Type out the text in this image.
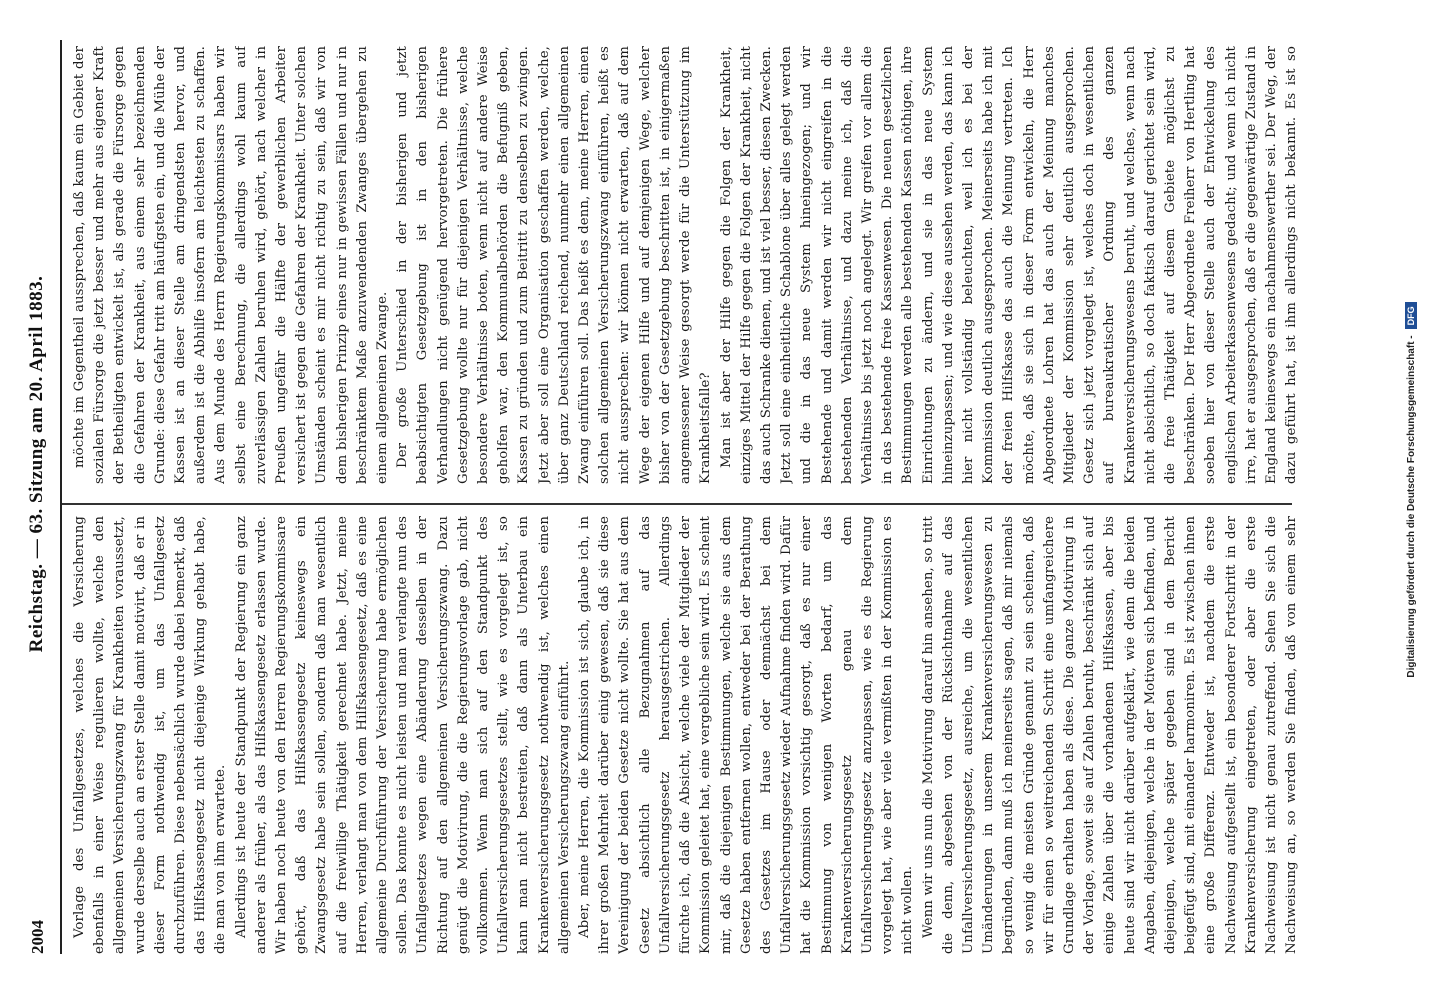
2004
Reichstag. — 63. Sitzung am 20. April 1883.

Vorlage des Unfallgesetzes, welches die Versicherung ebenfalls in einer Weise regulieren wollte, welche den allgemeinen Versicherungszwang für Krankheiten voraussetzt, wurde derselbe auch an erster Stelle damit motivirt, daß er in dieser Form nothwendig ist, um das Unfallgesetz durchzuführen. Diese nebensächlich wurde dabei bemerkt, daß das Hilfskassengesetz nicht diejenige Wirkung gehabt habe, die man von ihm erwartete. Allerdings ist heute der Standpunkt der Regierung ein ganz anderer als früher, als das Hilfskassengesetz erlassen wurde. Wir haben noch heute von den Herren Regierungskommissare gehört, daß das Hilfskassengesetz keineswegs ein Zwangsgesetz habe sein sollen, sondern daß man wesentlich auf die freiwillige Thätigkeit gerechnet habe. Jetzt, meine Herren, verlangt man von dem Hilfskassengesetz, daß es eine allgemeine Durchführung der Versicherung habe ermöglichen sollen. Das konnte es nicht leisten und man verlangte nun des Unfallgesetzes wegen eine Abänderung desselben in der Richtung auf den allgemeinen Versicherungszwang. Dazu genügt die Motivirung, die die Regierungsvorlage gab, nicht vollkommen. Wenn man sich auf den Standpunkt des Unfallversicherungsgesetzes stellt, wie es vorgelegt ist, so kann man nicht bestreiten, daß dann als Unterbau ein Krankenversicherungsgesetz nothwendig ist, welches einen allgemeinen Versicherungszwang einführt. Aber, meine Herren, die Kommission ist sich, glaube ich, in ihrer großen Mehrheit darüber einig gewesen, daß sie diese Vereinigung der beiden Gesetze nicht wollte. Sie hat aus dem Gesetz absichtlich alle Bezugnahmen auf das Unfallversicherungsgesetz herausgestrichen. Allerdings fürchte ich, daß die Absicht, welche viele der Mitglieder der Kommission geleitet hat, eine vergebliche sein wird. Es scheint mir, daß die diejenigen Bestimmungen, welche sie aus dem Gesetze haben entfernen wollen, entweder bei der Berathung des Gesetzes im Hause oder demnächst bei dem Unfallversicherungsgesetz wieder Aufnahme finden wird. Dafür hat die Kommission vorsichtig gesorgt, daß es nur einer Bestimmung von wenigen Worten bedarf, um das Krankenversicherungsgesetz genau dem Unfallversicherungsgesetz anzupassen, wie es die Regierung vorgelegt hat, wie aber viele vermißten in der Kommission es nicht wollen. Wenn wir uns nun die Motivirung darauf hin ansehen, so tritt die denn, abgesehen von der Rücksichtnahme auf das Unfallversicherungsgesetz, ausreiche, um die wesentlichen Umänderungen in unserem Krankenversicherungswesen zu begründen, dann muß ich meinerseits sagen, daß mir niemals so wenig die meisten Gründe genannt zu sein scheinen, daß wir für einen so weitreichenden Schritt eine umfangreichere Grundlage erhalten haben als diese. Die ganze Motivirung in der Vorlage, soweit sie auf Zahlen beruht, beschränkt sich auf einige Zahlen über die vorhandenen Hilfskassen, aber bis heute sind wir nicht darüber aufgeklärt, wie denn die beiden Angaben, diejenigen, welche in der Motiven sich befinden, und diejenigen, welche später gegeben sind in dem Bericht beigefügt sind, mit einander harmoniren. Es ist zwischen ihnen eine große Differenz. Entweder ist, nachdem die erste Nachweisung aufgestellt ist, ein besonderer Fortschritt in der Krankenversicherung eingetreten, oder aber die erste Nachweisung ist nicht genau zutreffend. Sehen Sie sich die Nachweisung an, so werden Sie finden, daß von einem sehr

möchte im Gegentheil aussprechen, daß kaum ein Gebiet der sozialen Fürsorge die jetzt besser und mehr aus eigener Kraft der Betheiligten entwickelt ist, als gerade die Fürsorge gegen die Gefahren der Krankheit, aus einem sehr bezeichnenden Grunde: diese Gefahr tritt am häufigsten ein, und die Mühe der Kassen ist an dieser Stelle am dringendsten hervor, und außerdem ist die Abhilfe insofern am leichtesten zu schaffen. Aus dem Munde des Herrn Regierungskommissars haben wir selbst eine Berechnung, die allerdings wohl kaum auf zuverlässigen Zahlen beruhen wird, gehört, nach welcher in Preußen ungefähr die Hälfte der gewerblichen Arbeiter versichert ist gegen die Gefahren der Krankheit. Unter solchen Umständen scheint es mir nicht richtig zu sein, daß wir von dem bisherigen Prinzip eines nur in gewissen Fällen und nur in beschränktem Maße anzuwendenden Zwanges übergehen zu einem allgemeinen Zwange. Der große Unterschied in der bisherigen und jetzt beabsichtigten Gesetzgebung ist in den bisherigen Verhandlungen nicht genügend hervorgetreten. Die frühere Gesetzgebung wollte nur für diejenigen Verhältnisse, welche besondere Verhältnisse boten, wenn nicht auf andere Weise geholfen war, den Kommunalbehörden die Befugniß geben, Kassen zu gründen und zum Beitritt zu denselben zu zwingen. Jetzt aber soll eine Organisation geschaffen werden, welche, über ganz Deutschland reichend, nunmehr einen allgemeinen Zwang einführen soll. Das heißt es denn, meine Herren, einen solchen allgemeinen Versicherungszwang einführen, heißt es nicht aussprechen: wir können nicht erwarten, daß auf dem Wege der eigenen Hilfe und auf demjenigen Wege, welcher bisher von der Gesetzgebung beschritten ist, in einigermaßen angemessener Weise gesorgt werde für die Unterstützung im Krankheitsfalle? Man ist aber der Hilfe gegen die Folgen der Krankheit, einziges Mittel der Hilfe gegen die Folgen der Krankheit, nicht das auch Schranke dienen, und ist viel besser, diesen Zwecken. Jetzt soll eine einheitliche Schablone über alles gelegt werden und die in das neue System hineingezogen; und wir Bestehende und damit werden wir nicht eingreifen in die bestehenden Verhältnisse, und dazu meine ich, daß die Verhältnisse bis jetzt noch angelegt. Wir greifen vor allem die in das bestehende freie Kassenwesen. Die neuen gesetzlichen Bestimmungen werden alle bestehenden Kassen nöthigen, ihre Einrichtungen zu ändern, und sie in das neue System hineinzupassen; und wie diese aussehen werden, das kann ich hier nicht vollständig beleuchten, weil ich es bei der Kommission deutlich ausgesprochen. Meinerseits habe ich mit der freien Hilfskasse das auch die Meinung vertreten. Ich möchte, daß sie sich in dieser Form entwickeln, die Herr Abgeordnete Lohren hat das auch der Meinung manches Mitglieder der Kommission sehr deutlich ausgesprochen. Gesetz sich jetzt vorgelegt ist, welches doch in wesentlichen auf bureaukratischer Ordnung des ganzen Krankenversicherungswesens beruht, und welches, wenn nach nicht absichtlich, so doch faktisch darauf gerichtet sein wird, die freie Thätigkeit auf diesem Gebiete möglichst zu beschränken. Der Herr Abgeordnete Freiherr von Hertling hat soeben hier von dieser Stelle auch der Entwickelung des englischen Arbeiterkassenwesens gedacht; und wenn ich nicht irre, hat er ausgesprochen, daß er die gegenwärtige Zustand in England keineswegs ein nachahmenswerther sei. Der Weg, der dazu geführt hat, ist ihm allerdings nicht bekannt. Es ist so

Digitalisierung gefördert durch die Deutsche Forschungsgemeinschaft -DFG
